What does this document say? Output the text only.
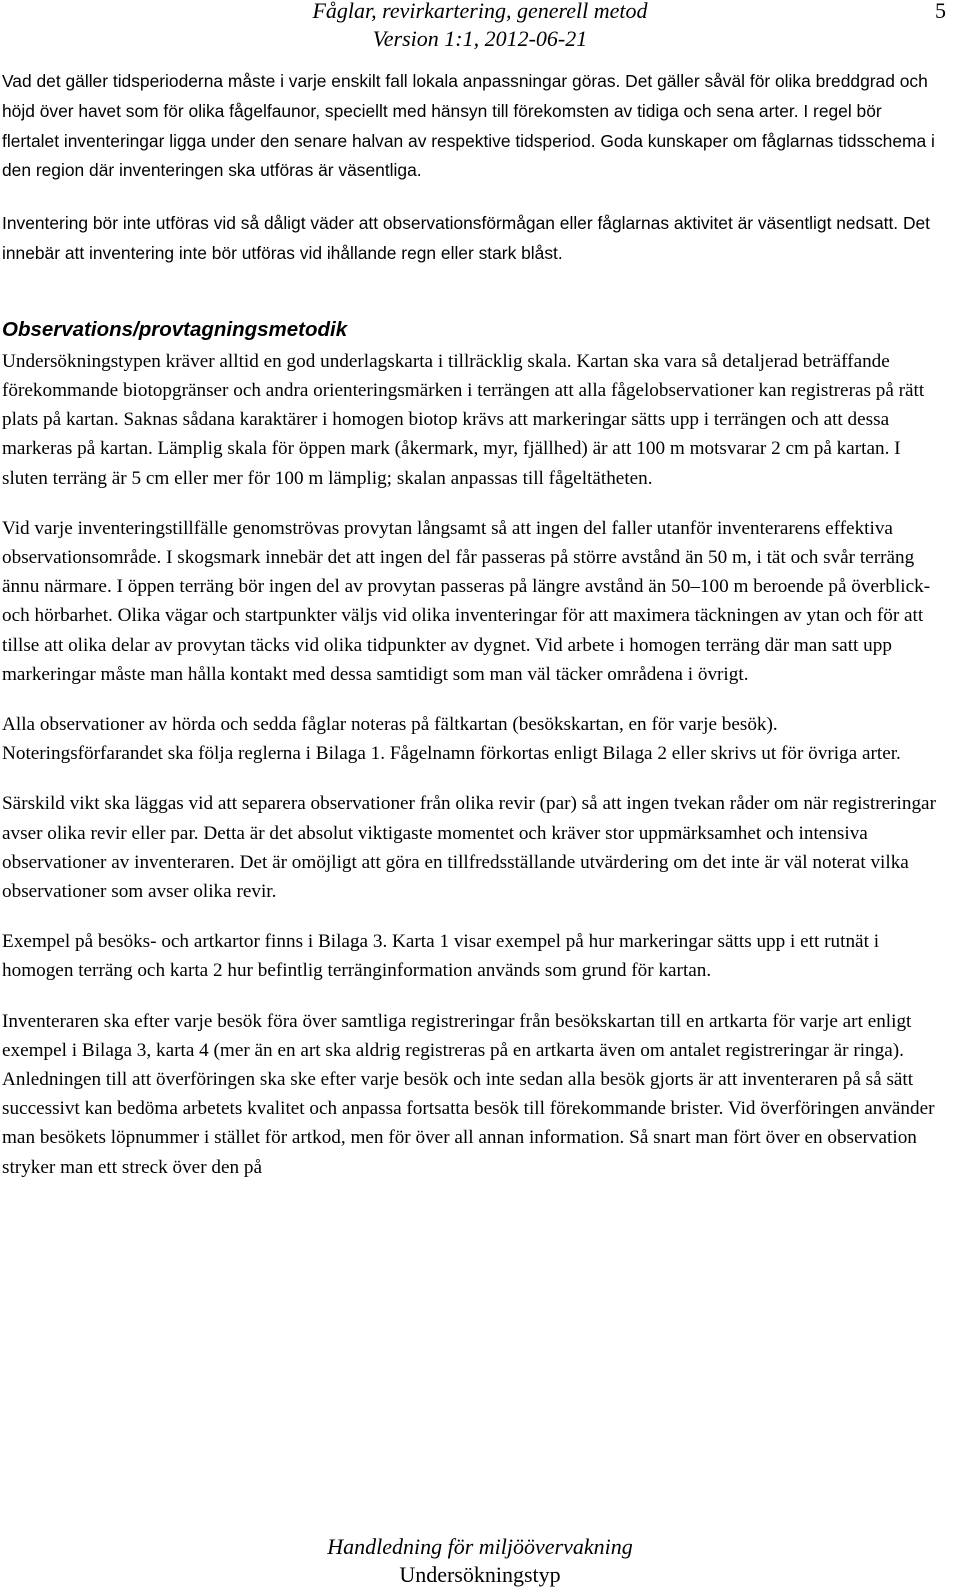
Fåglar, revirkartering, generell metod
Version 1:1, 2012-06-21
5

Vad det gäller tidsperioderna måste i varje enskilt fall lokala anpassningar göras. Det gäller såväl för olika breddgrad och höjd över havet som för olika fågelfaunor, speciellt med hänsyn till förekomsten av tidiga och sena arter. I regel bör flertalet inventeringar ligga under den senare halvan av respektive tidsperiod. Goda kunskaper om fåglarnas tidsschema i den region där inventeringen ska utföras är väsentliga.

Inventering bör inte utföras vid så dåligt väder att observationsförmågan eller fåglarnas aktivitet är väsentligt nedsatt. Det innebär att inventering inte bör utföras vid ihållande regn eller stark blåst.

Observations/provtagningsmetodik

Undersökningstypen kräver alltid en god underlagskarta i tillräcklig skala. Kartan ska vara så detaljerad beträffande förekommande biotopgränser och andra orienteringsmärken i terrängen att alla fågelobservationer kan registreras på rätt plats på kartan. Saknas sådana karaktärer i homogen biotop krävs att markeringar sätts upp i terrängen och att dessa markeras på kartan. Lämplig skala för öppen mark (åkermark, myr, fjällhed) är att 100 m motsvarar 2 cm på kartan. I sluten terräng är 5 cm eller mer för 100 m lämplig; skalan anpassas till fågeltätheten.

Vid varje inventeringstillfälle genomströvas provytan långsamt så att ingen del faller utanför inventerarens effektiva observationsområde. I skogsmark innebär det att ingen del får passeras på större avstånd än 50 m, i tät och svår terräng ännu närmare. I öppen terräng bör ingen del av provytan passeras på längre avstånd än 50–100 m beroende på överblick- och hörbarhet. Olika vägar och startpunkter väljs vid olika inventeringar för att maximera täckningen av ytan och för att tillse att olika delar av provytan täcks vid olika tidpunkter av dygnet. Vid arbete i homogen terräng där man satt upp markeringar måste man hålla kontakt med dessa samtidigt som man väl täcker områdena i övrigt.

Alla observationer av hörda och sedda fåglar noteras på fältkartan (besökskartan, en för varje besök). Noteringsförfarandet ska följa reglerna i Bilaga 1. Fågelnamn förkortas enligt Bilaga 2 eller skrivs ut för övriga arter.

Särskild vikt ska läggas vid att separera observationer från olika revir (par) så att ingen tvekan råder om när registreringar avser olika revir eller par. Detta är det absolut viktigaste momentet och kräver stor uppmärksamhet och intensiva observationer av inventeraren. Det är omöjligt att göra en tillfredsställande utvärdering om det inte är väl noterat vilka observationer som avser olika revir.

Exempel på besöks- och artkartor finns i Bilaga 3. Karta 1 visar exempel på hur markeringar sätts upp i ett rutnät i homogen terräng och karta 2 hur befintlig terränginformation används som grund för kartan.

Inventeraren ska efter varje besök föra över samtliga registreringar från besökskartan till en artkarta för varje art enligt exempel i Bilaga 3, karta 4 (mer än en art ska aldrig registreras på en artkarta även om antalet registreringar är ringa). Anledningen till att överföringen ska ske efter varje besök och inte sedan alla besök gjorts är att inventeraren på så sätt successivt kan bedöma arbetets kvalitet och anpassa fortsatta besök till förekommande brister. Vid överföringen använder man besökets löpnummer i stället för artkod, men för över all annan information. Så snart man fört över en observation stryker man ett streck över den på

Handledning för miljöövervakning
Undersökningstyp
